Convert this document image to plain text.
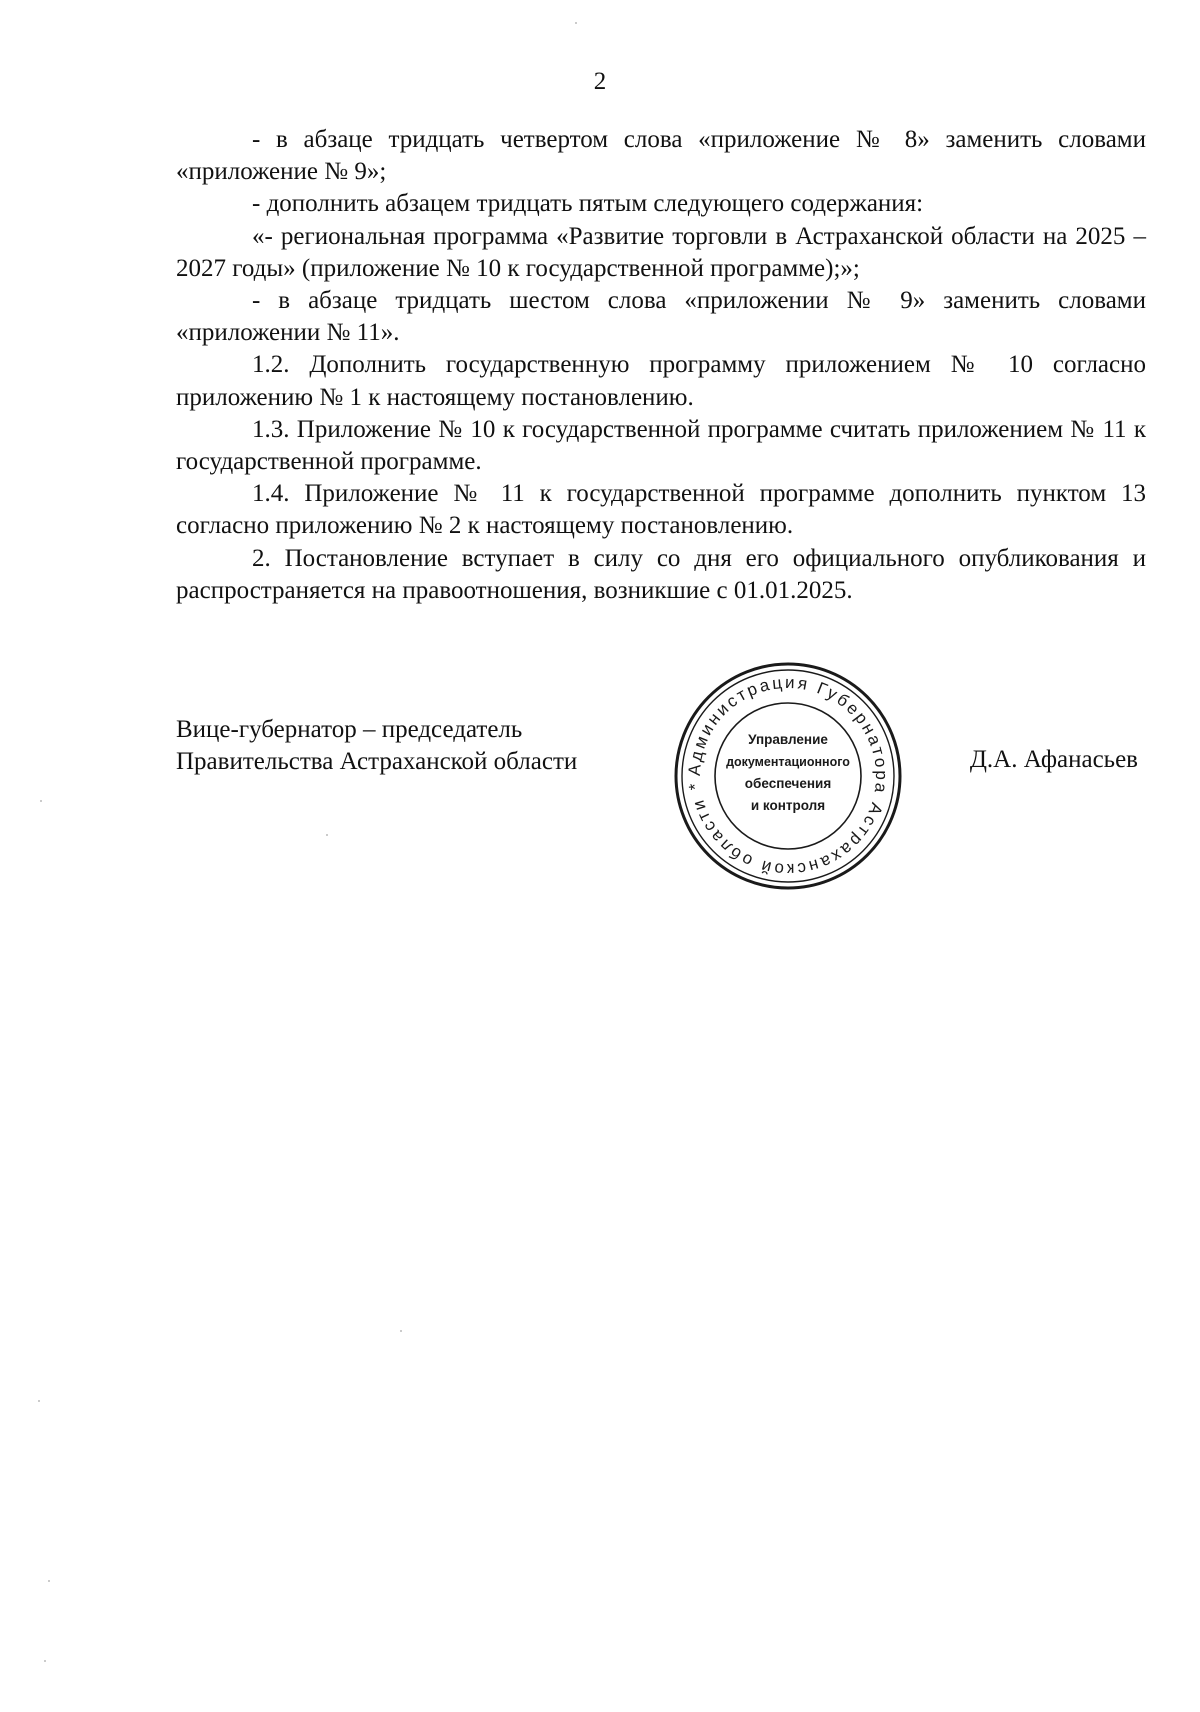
2

- в абзаце тридцать четвертом слова «приложение № 8» заменить словами «приложение № 9»;

- дополнить абзацем тридцать пятым следующего содержания:

«- региональная программа «Развитие торговли в Астраханской области на 2025 –2027 годы» (приложение № 10 к государственной программе);»;

- в абзаце тридцать шестом слова «приложении № 9» заменить словами «приложении № 11».

1.2. Дополнить государственную программу приложением № 10 согласно приложению № 1 к настоящему постановлению.

1.3. Приложение № 10 к государственной программе считать приложением № 11 к государственной программе.

1.4. Приложение № 11 к государственной программе дополнить пунктом 13 согласно приложению № 2 к настоящему постановлению.

2. Постановление вступает в силу со дня его официального опубликования и распространяется на правоотношения, возникшие с 01.01.2025.

Вице-губернатор – председатель
Правительства Астраханской области	Администрация Губернатора Астраханской области *
Управление
документационного
обеспечения
и контроля
Д.А. Афанасьев
